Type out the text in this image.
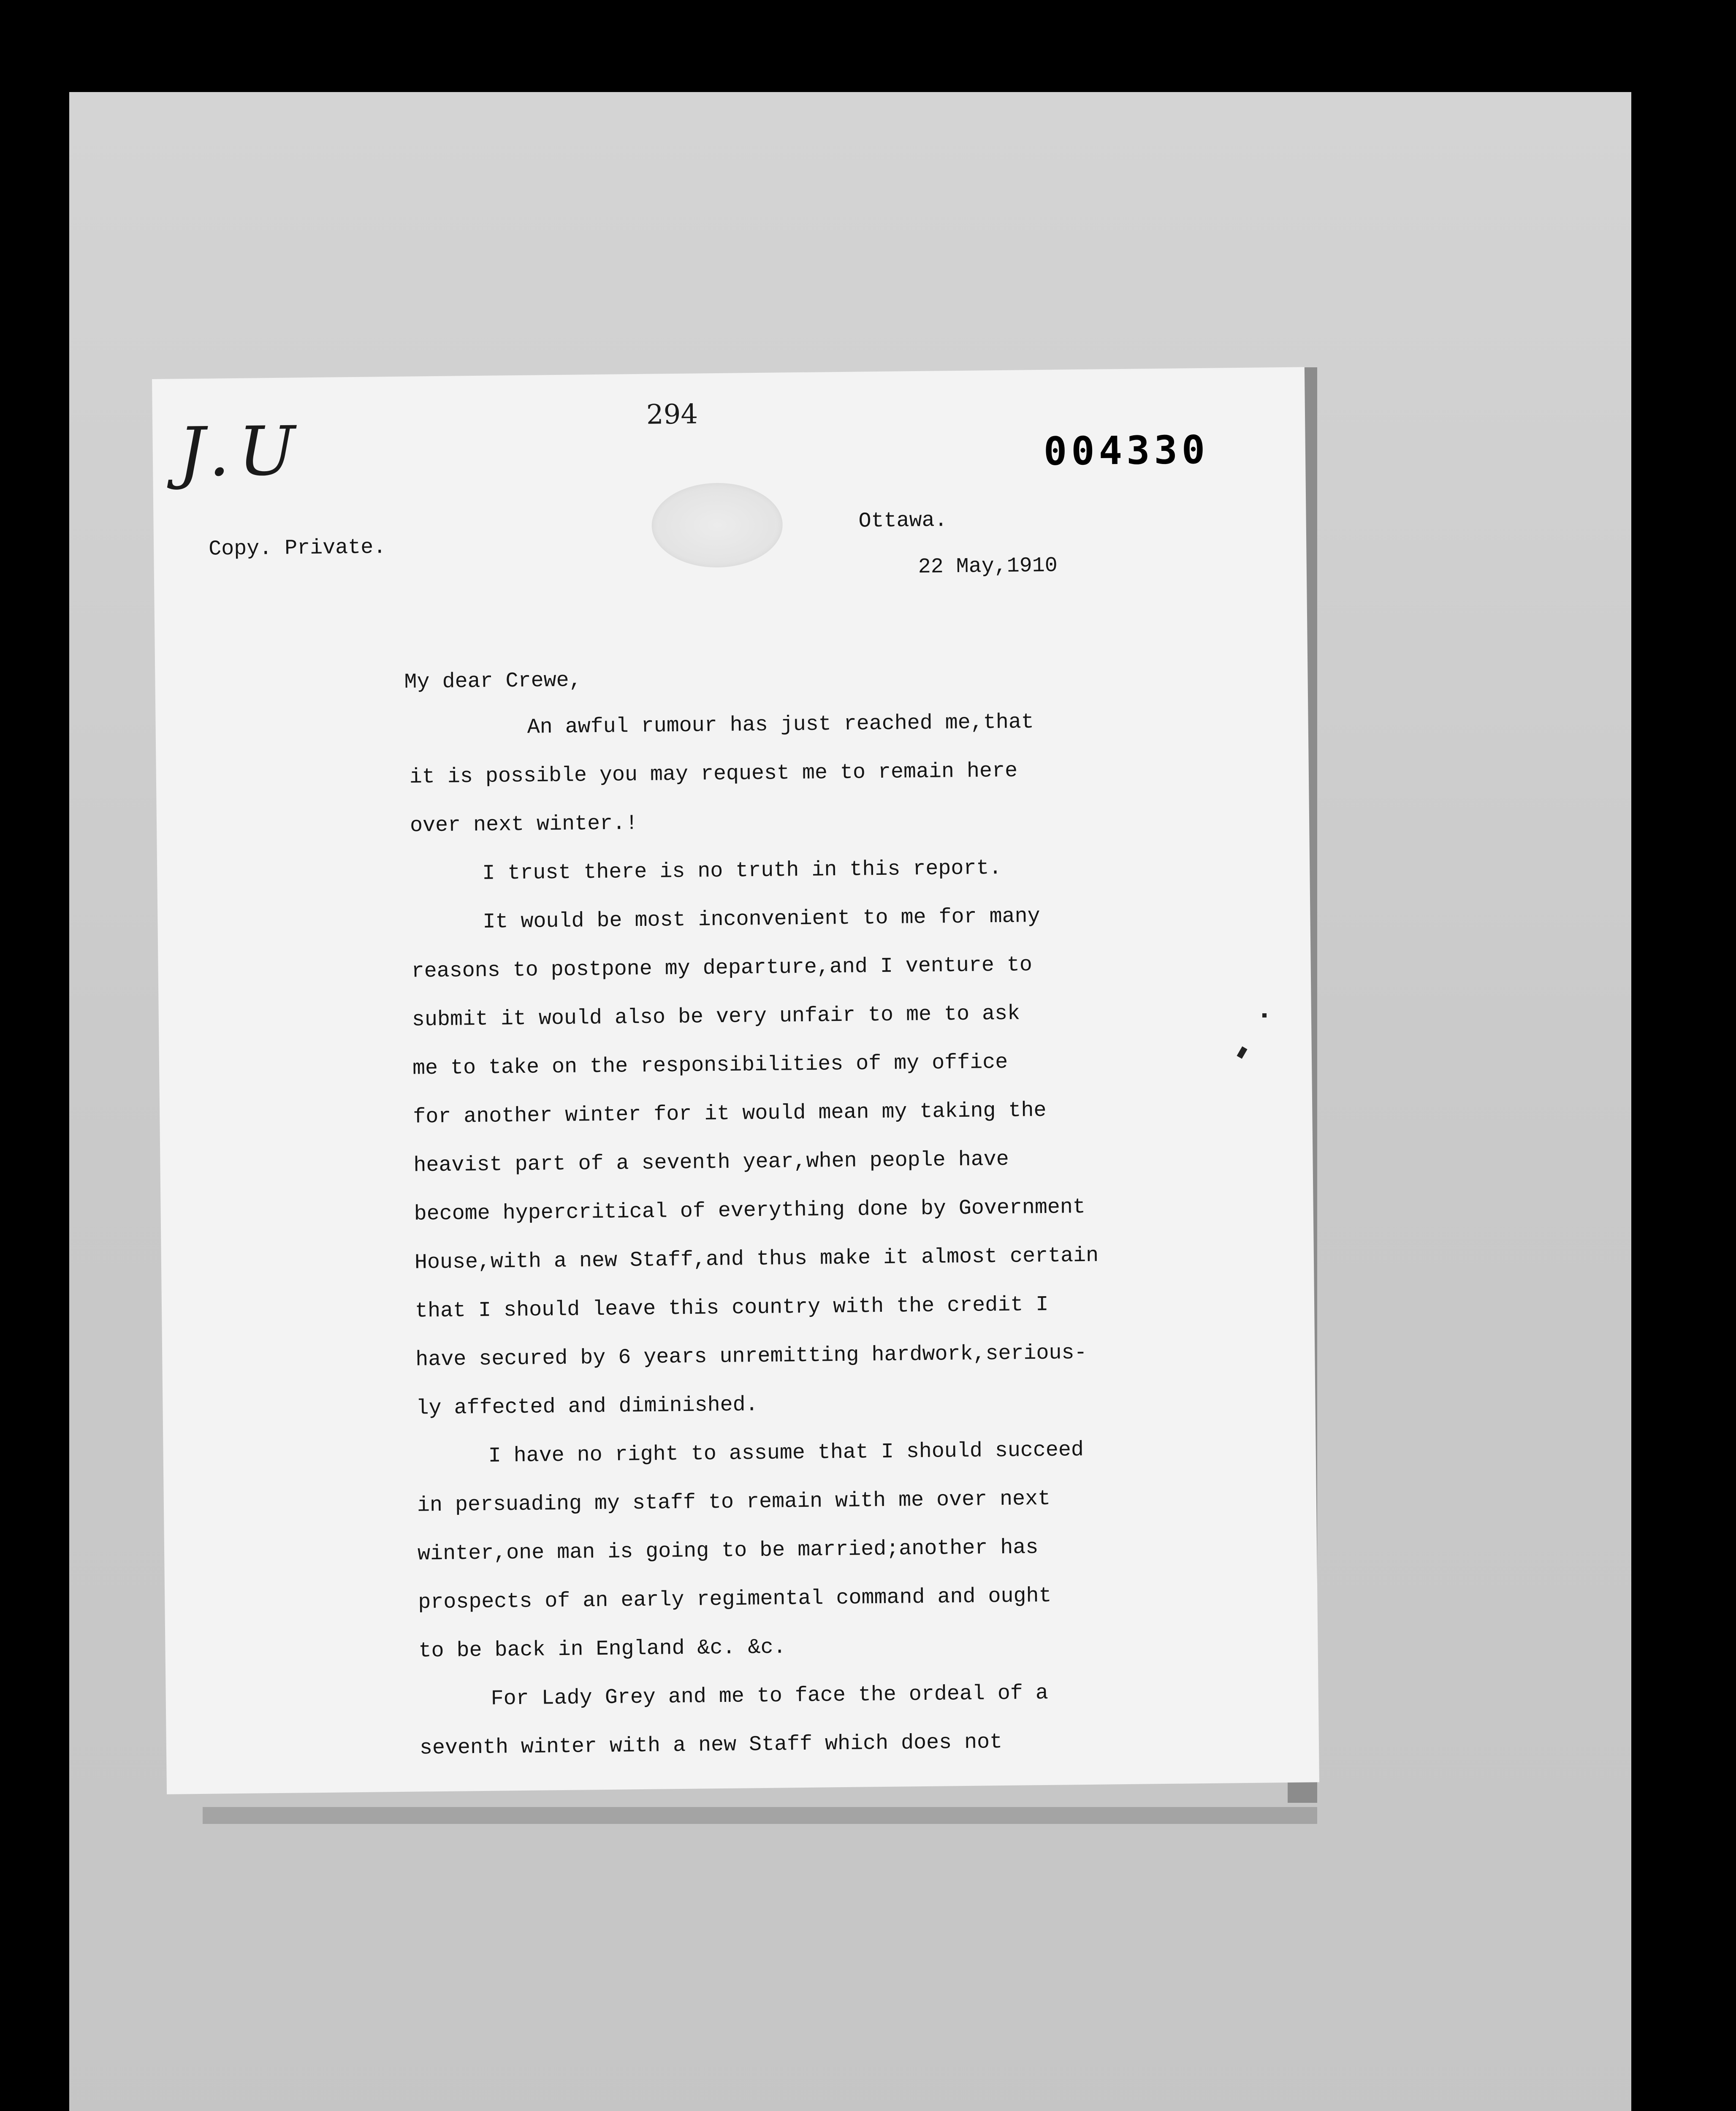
J.U	294
004330
Copy. Private.
Ottawa.
22 May,1910
My dear Crewe,
An awful rumour has just reached me,that
it is possible you may request me to remain here
over next winter.!
I trust there is no truth in this report.
It would be most inconvenient to me for many
reasons to postpone my departure,and I venture to
submit it would also be very unfair to me to ask
me to take on the responsibilities of my office
for another winter for it would mean my taking the
heavist part of a seventh year,when people have
become hypercritical of everything done by Government
House,with a new Staff,and thus make it almost certain
that I should leave this country with the credit I
have secured by 6 years unremitting hardwork,serious-
ly affected and diminished.
I have no right to assume that I should succeed
in persuading my staff to remain with me over next
winter,one man is going to be married;another has
prospects of an early regimental command and ought
to be back in England &c. &c.
For Lady Grey and me to face the ordeal of a
seventh winter with a new Staff which does not
